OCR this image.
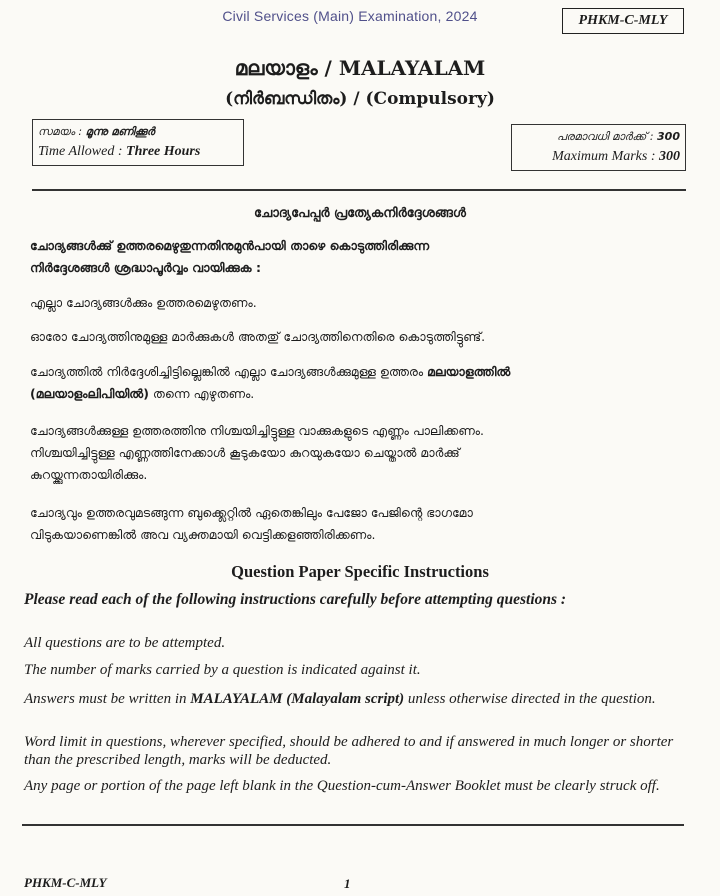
Civil Services (Main) Examination, 2024	PHKM-C-MLY
മലയാളം / MALAYALAM
(നിർബന്ധിതം) / (Compulsory)
സമയം : മൂന്നു മണിക്കൂർ
Time Allowed : Three Hours
പരമാവധി മാർക്ക് : 300
Maximum Marks : 300
ചോദ്യപേപ്പർ പ്രത്യേകനിർദ്ദേശങ്ങൾ
ചോദ്യങ്ങൾക്കു് ഉത്തരമെഴുതുന്നതിനുമുൻപായി താഴെ കൊടുത്തിരിക്കുന്ന
നിർദ്ദേശങ്ങൾ ശ്രദ്ധാപൂർവ്വം വായിക്കുക :
എല്ലാ ചോദ്യങ്ങൾക്കും ഉത്തരമെഴുതണം.
ഓരോ ചോദ്യത്തിനുമുള്ള മാർക്കുകൾ അതതു് ചോദ്യത്തിനെതിരെ കൊടുത്തിട്ടുണ്ട്.
ചോദ്യത്തിൽ നിർദ്ദേശിച്ചിട്ടില്ലെങ്കിൽ എല്ലാ ചോദ്യങ്ങൾക്കുമുള്ള ഉത്തരം മലയാളത്തിൽ
(മലയാളംലിപിയിൽ) തന്നെ എഴുതണം.
ചോദ്യങ്ങൾക്കുള്ള ഉത്തരത്തിനു നിശ്ചയിച്ചിട്ടുള്ള വാക്കുകളുടെ എണ്ണം പാലിക്കണം.
നിശ്ചയിച്ചിട്ടുള്ള എണ്ണത്തിനേക്കാൾ കൂടുകയോ കുറയുകയോ ചെയ്താൽ മാർക്കു്
കുറയ്ക്കുന്നതായിരിക്കും.
ചോദ്യവും ഉത്തരവുമടങ്ങുന്ന ബുക്ക്ലെറ്റിൽ ഏതെങ്കിലും പേജോ പേജിന്റെ ഭാഗമോ
വിടുകയാണെങ്കിൽ അവ വ്യക്തമായി വെട്ടിക്കളഞ്ഞിരിക്കണം.
Question Paper Specific Instructions
Please read each of the following instructions carefully before attempting questions :
All questions are to be attempted.
The number of marks carried by a question is indicated against it.
Answers must be written in MALAYALAM (Malayalam script) unless otherwise directed in the question.
Word limit in questions, wherever specified, should be adhered to and if answered in much longer or shorter than the prescribed length, marks will be deducted.
Any page or portion of the page left blank in the Question-cum-Answer Booklet must be clearly struck off.
PHKM-C-MLY	1
